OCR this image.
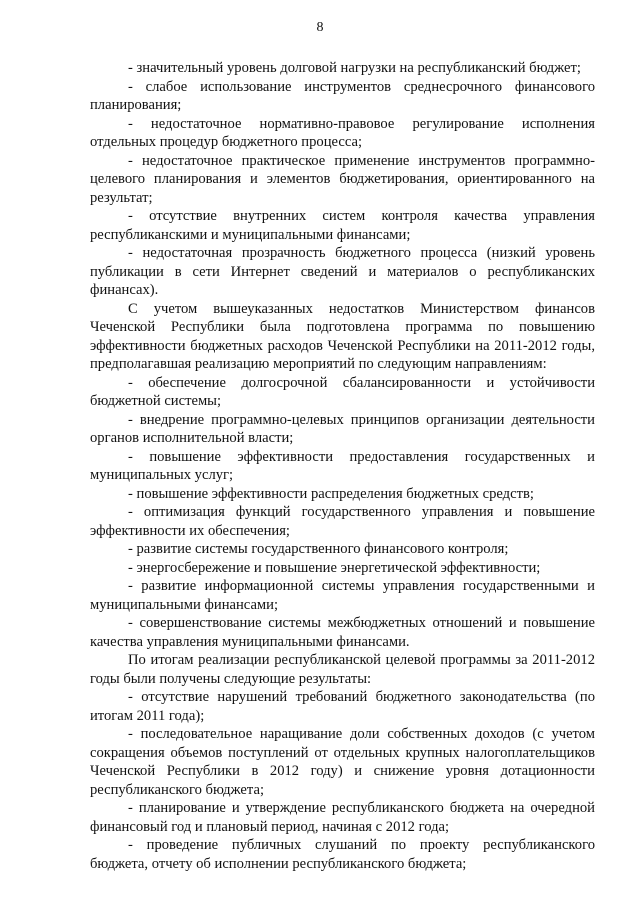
8

- значительный уровень долговой нагрузки на республиканский бюджет;

- слабое использование инструментов среднесрочного финансового планирования;

- недостаточное нормативно-правовое регулирование исполнения отдельных процедур бюджетного процесса;

- недостаточное практическое применение инструментов программно-целевого планирования и элементов бюджетирования, ориентированного на результат;

- отсутствие внутренних систем контроля качества управления республиканскими и муниципальными финансами;

- недостаточная прозрачность бюджетного процесса (низкий уровень публикации в сети Интернет сведений и материалов о республиканских финансах).

С учетом вышеуказанных недостатков Министерством финансов Чеченской Республики была подготовлена программа по повышению эффективности бюджетных расходов Чеченской Республики на 2011-2012 годы, предполагавшая реализацию мероприятий по следующим направлениям:

- обеспечение долгосрочной сбалансированности и устойчивости бюджетной системы;

- внедрение программно-целевых принципов организации деятельности органов исполнительной власти;

- повышение эффективности предоставления государственных и муниципальных услуг;

- повышение эффективности распределения бюджетных средств;

- оптимизация функций государственного управления и повышение эффективности их обеспечения;

- развитие системы государственного финансового контроля;

- энергосбережение и повышение энергетической эффективности;

- развитие информационной системы управления государственными и муниципальными финансами;

- совершенствование системы межбюджетных отношений и повышение качества управления муниципальными финансами.

По итогам реализации республиканской целевой программы за 2011-2012 годы были получены следующие результаты:

- отсутствие нарушений требований бюджетного законодательства (по итогам 2011 года);

- последовательное наращивание доли собственных доходов (с учетом сокращения объемов поступлений от отдельных крупных налогоплательщиков Чеченской Республики в 2012 году) и снижение уровня дотационности республиканского бюджета;

- планирование и утверждение республиканского бюджета на очередной финансовый год и плановый период, начиная с 2012 года;

- проведение публичных слушаний по проекту республиканского бюджета, отчету об исполнении республиканского бюджета;
